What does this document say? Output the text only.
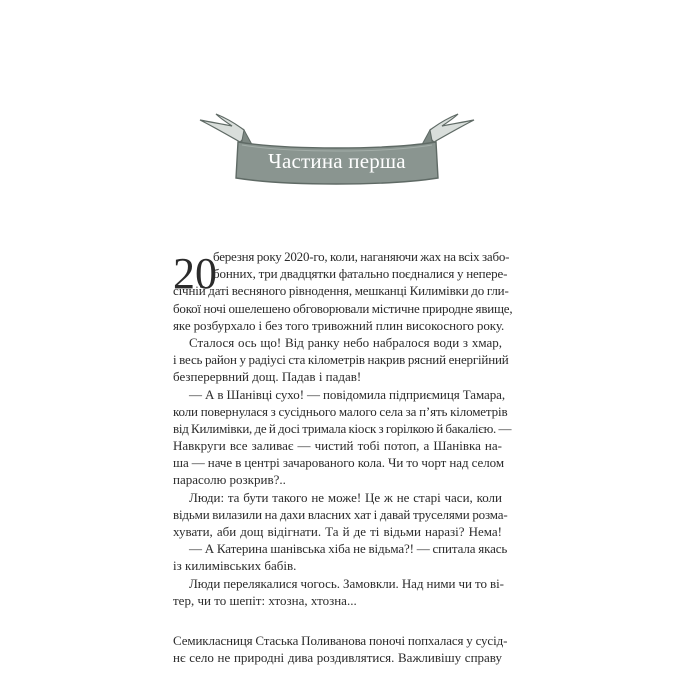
Частина перша
20
березня року 2020-го, коли, наганяючи жах на всіх забо-
бонних, три двадцятки фатально поєдналися у непере-
січній даті весняного рівнодення, мешканці Килимівки до гли-
бокої ночі ошелешено обговорювали містичне природне явище,
яке розбурхало і без того тривожний плин високосного року.
Сталося ось що! Від ранку небо набралося води з хмар,
і весь район у радіусі ста кілометрів накрив рясний енергійний
безперервний дощ. Падав і падав!
— А в Шанівці сухо! — повідомила підприємиця Тамара,
коли повернулася з сусіднього малого села за п’ять кілометрів
від Килимівки, де й досі тримала кіоск з горілкою й бакалією. —
Навкруги все заливає — чистий тобі потоп, а Шанівка на-
ша — наче в центрі зачарованого кола. Чи то чорт над селом
парасолю розкрив?..
Люди: та бути такого не може! Це ж не старі часи, коли
відьми вилазили на дахи власних хат і давай труселями розма-
хувати, аби дощ відігнати. Та й де ті відьми наразі? Нема!
— А Катерина шанівська хіба не відьма?! — спитала якась
із килимівських бабів.
Люди перелякалися чогось. Замовкли. Над ними чи то ві-
тер, чи то шепіт: хтозна, хтозна...
Семикласниця Стаська Поливанова поночі попхалася у сусід-
нє село не природні дива роздивлятися. Важливішу справу
